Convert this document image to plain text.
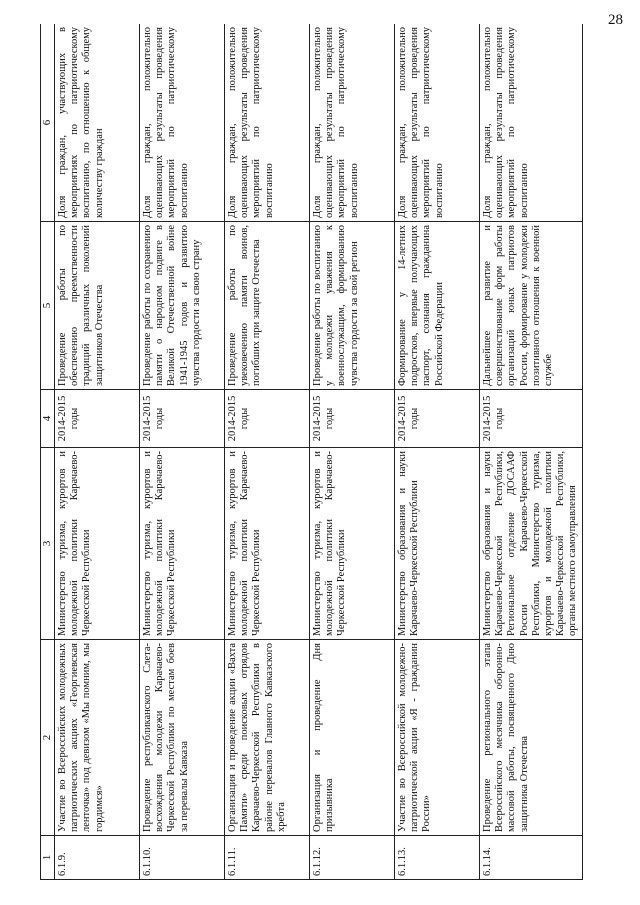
28
1	2	3	4	5	6
6.1.9.	Участие во Всероссийских молодежных патриотических акциях «Георгиевская ленточка» под девизом «Мы помним, мы гордимся»	Министерство туризма, курортов и молодежной политики Карачаево-Черкесской Республики	2014-2015 годы	Проведение работы по обеспечению преемственности традиций различных поколений защитников Отечества	Доля граждан, участвующих в мероприятиях по патриотическому воспитанию, по отношению к общему количеству граждан
6.1.10.	Проведение республиканского Слета-восхождения молодежи Карачаево-Черкесской Республики по местам боев за перевалы Кавказа	Министерство туризма, курортов и молодежной политики Карачаево-Черкесской Республики	2014-2015 годы	Проведение работы по сохранению памяти о народном подвиге в Великой Отечественной войне 1941-1945 годов и развитию чувства гордости за свою страну	Доля граждан, положительно оценивающих результаты проведения мероприятий по патриотическому воспитанию
6.1.11.	Организация и проведение акции «Вахта Памяти» среди поисковых отрядов Карачаево-Черкесской Республики в районе перевалов Главного Кавказского хребта	Министерство туризма, курортов и молодежной политики Карачаево-Черкесской Республики	2014-2015 годы	Проведение работы по увековечению памяти воинов, погибших при защите Отечества	Доля граждан, положительно оценивающих результаты проведения мероприятий по патриотическому воспитанию
6.1.12.	Организация и проведение Дня призывника	Министерство туризма, курортов и молодежной политики Карачаево-Черкесской Республики	2014-2015 годы	Проведение работы по воспитанию у молодежи уважения к военнослужащим, формированию чувства гордости за свой регион	Доля граждан, положительно оценивающих результаты проведения мероприятий по патриотическому воспитанию
6.1.13.	Участие во Всероссийской молодежно-патриотической акции «Я - гражданин России»	Министерство образования и науки Карачаево-Черкесской Республики	2014-2015 годы	Формирование у 14-летних подростков, впервые получающих паспорт, сознания гражданина Российской Федерации	Доля граждан, положительно оценивающих результаты проведения мероприятий по патриотическому воспитанию
6.1.14.	Проведение регионального этапа Всероссийского месячника оборонно-массовой работы, посвященного Дню защитника Отечества	Министерство образования и науки Карачаево-Черкесской Республики, Региональное отделение ДОСААФ России Карачаево-Черкесской Республики, Министерство туризма, курортов и молодежной политики Карачаево-Черкесской Республики, органы местного самоуправления	2014-2015 годы	Дальнейшее развитие и совершенствование форм работы организаций юных патриотов России, формирование у молодежи позитивного отношения к военной службе	Доля граждан, положительно оценивающих результаты проведения мероприятий по патриотическому воспитанию
